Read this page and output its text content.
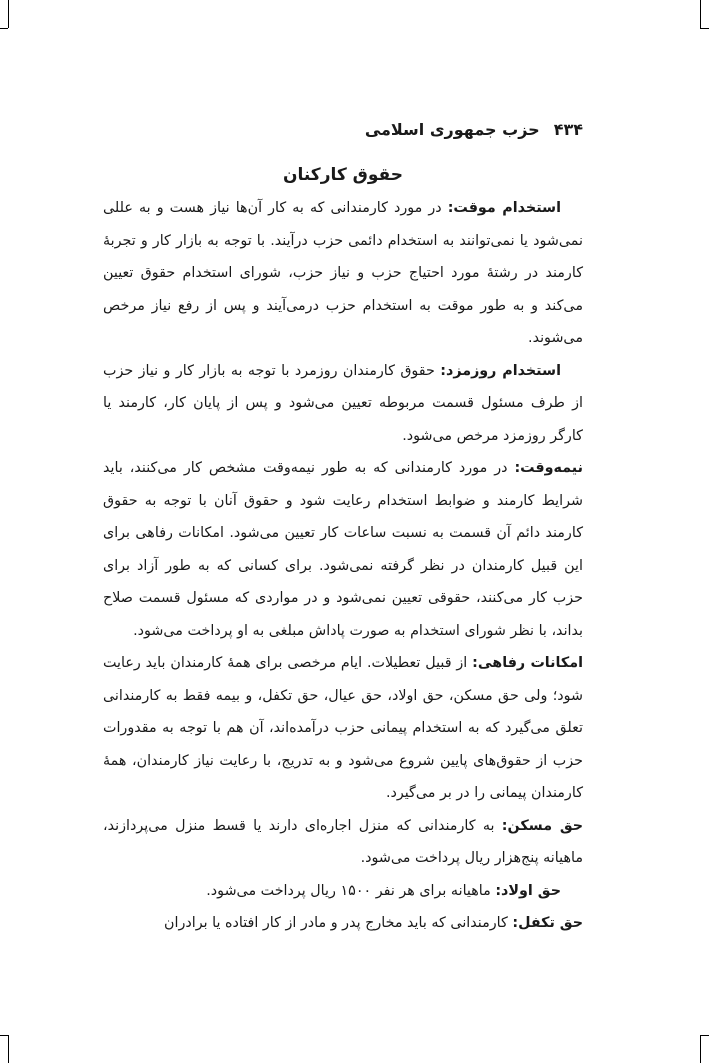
۴۳۴
حزب جمهوری اسلامی
حقوق کارکنان

استخدام موقت: در مورد کارمندانی که به کار آن‌ها نیاز هست و به عللی نمی‌شود یا نمی‌توانند به استخدام دائمی حزب درآیند. با توجه به بازار کار و تجربهٔ کارمند در رشتهٔ مورد احتیاج حزب و نیاز حزب، شورای استخدام حقوق تعیین می‌کند و به طور موقت به استخدام حزب درمی‌آیند و پس از رفع نیاز مرخص می‌شوند.

استخدام روزمزد: حقوق کارمندان روزمرد با توجه به بازار کار و نیاز حزب از طرف مسئول قسمت مربوطه تعیین می‌شود و پس از پایان کار، کارمند یا کارگر روزمزد مرخص می‌شود.

نیمه‌وقت: در مورد کارمندانی که به طور نیمه‌وقت مشخص کار می‌کنند، باید شرایط کارمند و ضوابط استخدام رعایت شود و حقوق آنان با توجه به حقوق کارمند دائم آن قسمت به نسبت ساعات کار تعیین می‌شود. امکانات رفاهی برای این قبیل کارمندان در نظر گرفته نمی‌شود. برای کسانی که به طور آزاد برای حزب کار می‌کنند، حقوقی تعیین نمی‌شود و در مواردی که مسئول قسمت صلاح بداند، با نظر شورای استخدام به صورت پاداش مبلغی به او پرداخت می‌شود.

امکانات رفاهی: از قبیل تعطیلات. ایام مرخصی برای همهٔ کارمندان باید رعایت شود؛ ولی حق مسکن، حق اولاد، حق عیال، حق تکفل، و بیمه فقط به کارمندانی تعلق می‌گیرد که به استخدام پیمانی حزب درآمده‌اند، آن هم با توجه به مقدورات حزب از حقوق‌های پایین شروع می‌شود و به تدریج، با رعایت نیاز کارمندان، همهٔ کارمندان پیمانی را در بر می‌گیرد.

حق مسکن: به کارمندانی که منزل اجاره‌ای دارند یا قسط منزل می‌پردازند، ماهیانه پنج‌هزار ریال پرداخت می‌شود.

حق اولاد: ماهیانه برای هر نفر ۱۵۰۰ ریال پرداخت می‌شود.

حق تکفل: کارمندانی که باید مخارج پدر و مادر از کار افتاده یا برادران
